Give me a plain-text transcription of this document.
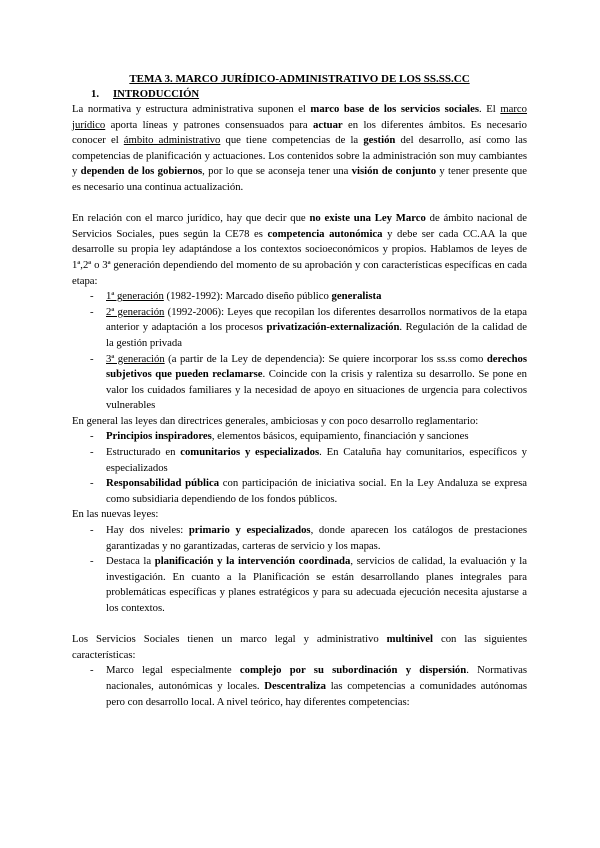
TEMA 3. MARCO JURÍDICO-ADMINISTRATIVO DE LOS SS.SS.CC
1. INTRODUCCIÓN

La normativa y estructura administrativa suponen el marco base de los servicios sociales. El marco jurídico aporta líneas y patrones consensuados para actuar en los diferentes ámbitos. Es necesario conocer el ámbito administrativo que tiene competencias de la gestión del desarrollo, así como las competencias de planificación y actuaciones. Los contenidos sobre la administración son muy cambiantes y dependen de los gobiernos, por lo que se aconseja tener una visión de conjunto y tener presente que es necesario una continua actualización.

En relación con el marco jurídico, hay que decir que no existe una Ley Marco de ámbito nacional de Servicios Sociales, pues según la CE78 es competencia autonómica y debe ser cada CC.AA la que desarrolle su propia ley adaptándose a los contextos socioeconómicos y propios. Hablamos de leyes de 1ª,2ª o 3ª generación dependiendo del momento de su aprobación y con características específicas en cada etapa:

- 1ª generación (1982-1992): Marcado diseño público generalista
- 2ª generación (1992-2006): Leyes que recopilan los diferentes desarrollos normativos de la etapa anterior y adaptación a los procesos privatización-externalización. Regulación de la calidad de la gestión privada
- 3ª generación (a partir de la Ley de dependencia): Se quiere incorporar los ss.ss como derechos subjetivos que pueden reclamarse. Coincide con la crisis y ralentiza su desarrollo. Se pone en valor los cuidados familiares y la necesidad de apoyo en situaciones de urgencia para colectivos vulnerables

En general las leyes dan directrices generales, ambiciosas y con poco desarrollo reglamentario:

- Principios inspiradores, elementos básicos, equipamiento, financiación y sanciones
- Estructurado en comunitarios y especializados. En Cataluña hay comunitarios, específicos y especializados
- Responsabilidad pública con participación de iniciativa social. En la Ley Andaluza se expresa como subsidiaria dependiendo de los fondos públicos.

En las nuevas leyes:

- Hay dos niveles: primario y especializados, donde aparecen los catálogos de prestaciones garantizadas y no garantizadas, carteras de servicio y los mapas.
- Destaca la planificación y la intervención coordinada, servicios de calidad, la evaluación y la investigación. En cuanto a la Planificación se están desarrollando planes integrales para problemáticas específicas y planes estratégicos y para su adecuada ejecución necesita ajustarse a los contextos.

Los Servicios Sociales tienen un marco legal y administrativo multinivel con las siguientes características:

- Marco legal especialmente complejo por su subordinación y dispersión. Normativas nacionales, autonómicas y locales. Descentraliza las competencias a comunidades autónomas pero con desarrollo local. A nivel teórico, hay diferentes competencias:
